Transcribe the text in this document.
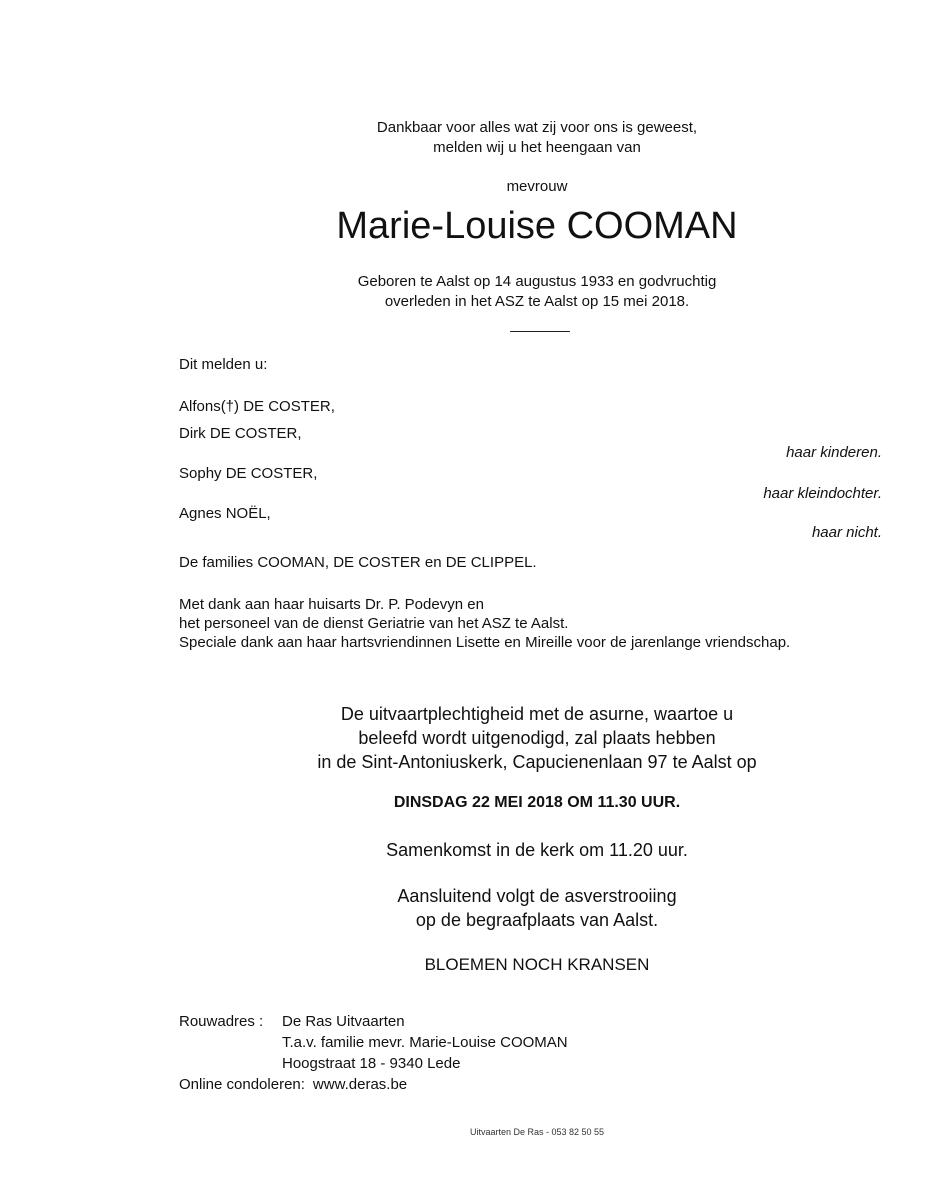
Dankbaar voor alles wat zij voor ons is geweest,
melden wij u het heengaan van
mevrouw
Marie-Louise COOMAN
Geboren te Aalst op 14 augustus 1933 en godvruchtig
overleden in het ASZ te Aalst op 15 mei 2018.
Dit melden u:
Alfons(†) DE COSTER,
Dirk DE COSTER,
haar kinderen.
Sophy DE COSTER,
haar kleindochter.
Agnes NOËL,
haar nicht.
De families COOMAN, DE COSTER en DE CLIPPEL.
Met dank aan haar huisarts Dr. P. Podevyn en
het personeel van de dienst Geriatrie van het ASZ te Aalst.
Speciale dank aan haar hartsvriendinnen Lisette en Mireille voor de jarenlange vriendschap.
De uitvaartplechtigheid met de asurne, waartoe u
beleefd wordt uitgenodigd, zal plaats hebben
in de Sint-Antoniuskerk, Capucienenlaan 97 te Aalst op
DINSDAG 22 MEI 2018 OM 11.30 UUR.
Samenkomst in de kerk om 11.20 uur.
Aansluitend volgt de asverstrooiing
op de begraafplaats van Aalst.
BLOEMEN NOCH KRANSEN
Rouwadres :	De Ras Uitvaarten
T.a.v. familie mevr. Marie-Louise COOMAN
Hoogstraat 18 - 9340 Lede
Online condoleren: www.deras.be
Uitvaarten De Ras - 053 82 50 55
